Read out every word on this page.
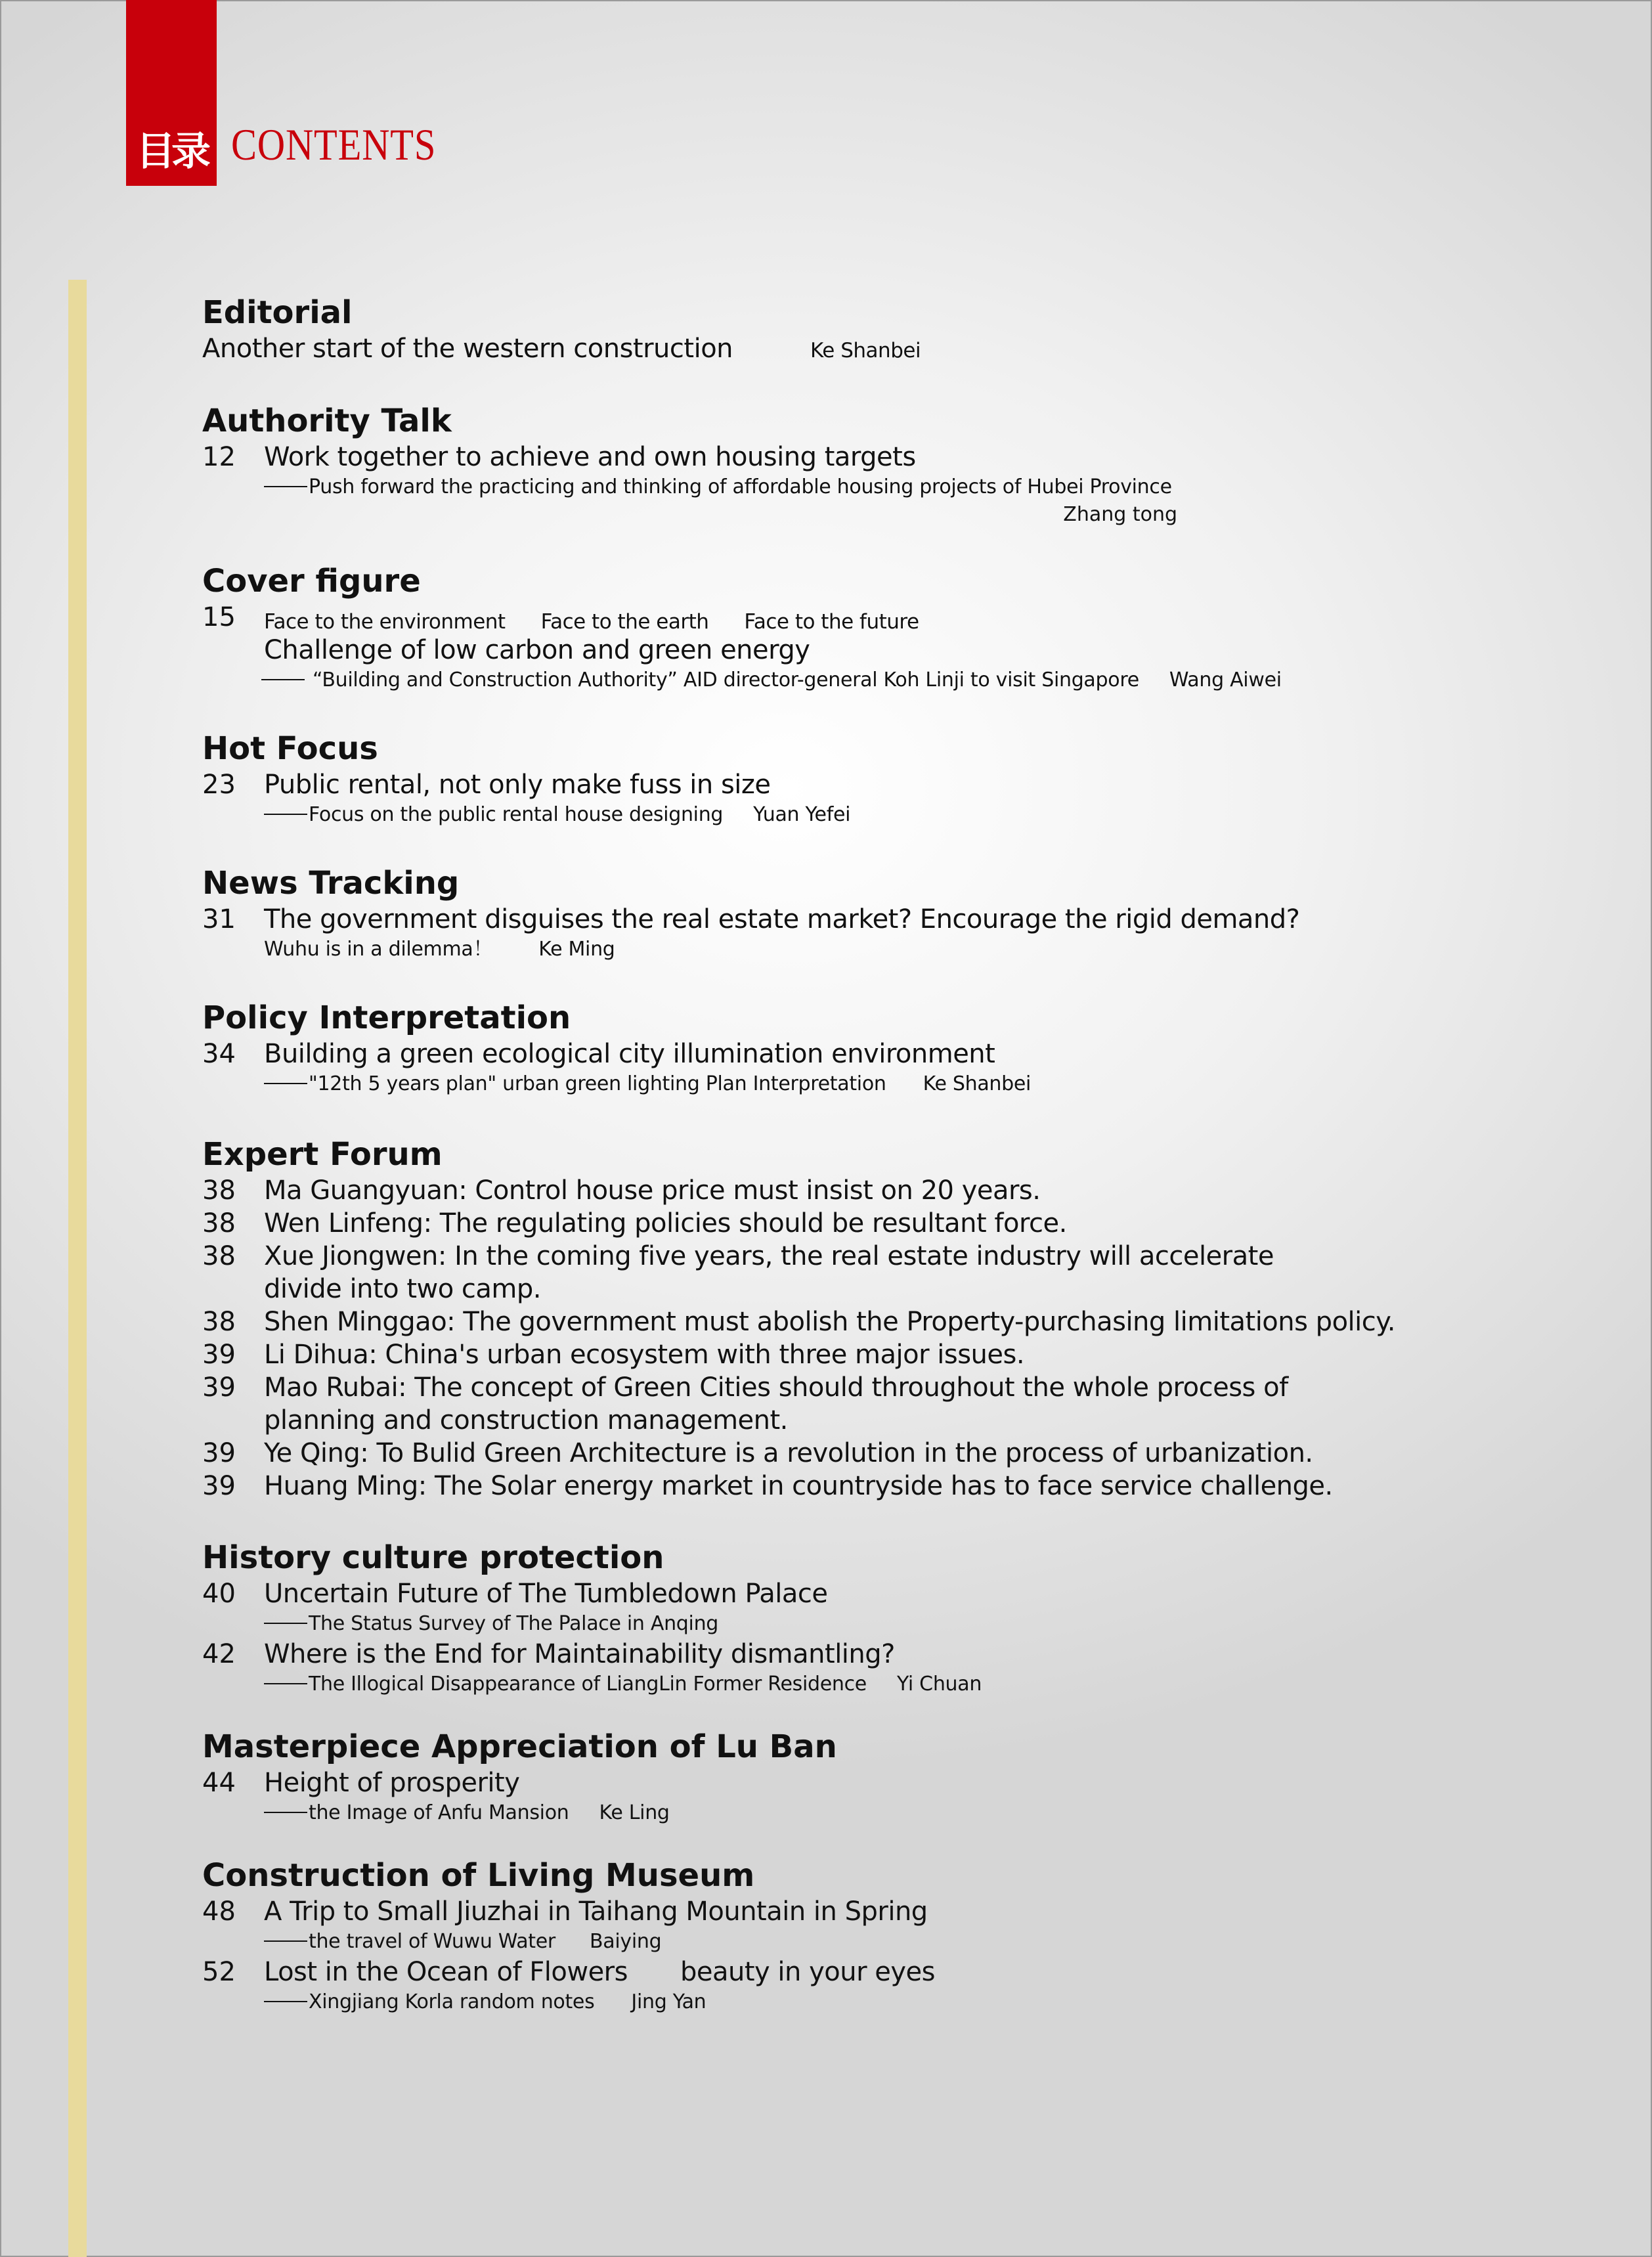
目录 CONTENTS
Editorial
Another start of the western construction	Ke Shanbei
Authority Talk
12 Work together to achieve and own housing targets
Push forward the practicing and thinking of affordable housing projects of Hubei Province
Zhang tong
Cover figure
15 Face to the environment Face to the earth Face to the future
Challenge of low carbon and green energy
“Building and Construction Authority” AID director-general Koh Linji to visit Singapore Wang Aiwei
Hot Focus
23 Public rental, not only make fuss in size
Focus on the public rental house designing Yuan Yefei
News Tracking
31 The government disguises the real estate market? Encourage the rigid demand?
Wuhu is in a dilemma！ Ke Ming
Policy Interpretation
34 Building a green ecological city illumination environment
"12th 5 years plan" urban green lighting Plan Interpretation Ke Shanbei
Expert Forum
38 Ma Guangyuan: Control house price must insist on 20 years.
38 Wen Linfeng: The regulating policies should be resultant force.
38 Xue Jiongwen: In the coming five years, the real estate industry will accelerate divide into two camp.
38 Shen Minggao: The government must abolish the Property-purchasing limitations policy.
39 Li Dihua: China's urban ecosystem with three major issues.
39 Mao Rubai: The concept of Green Cities should throughout the whole process of planning and construction management.
39 Ye Qing: To Bulid Green Architecture is a revolution in the process of urbanization.
39 Huang Ming: The Solar energy market in countryside has to face service challenge.
History culture protection
40 Uncertain Future of The Tumbledown Palace
The Status Survey of The Palace in Anqing
42 Where is the End for Maintainability dismantling?
The Illogical Disappearance of LiangLin Former Residence Yi Chuan
Masterpiece Appreciation of Lu Ban
44 Height of prosperity
the Image of Anfu Mansion Ke Ling
Construction of Living Museum
48 A Trip to Small Jiuzhai in Taihang Mountain in Spring
the travel of Wuwu Water Baiying
52 Lost in the Ocean of Flowers beauty in your eyes
Xingjiang Korla random notes Jing Yan
